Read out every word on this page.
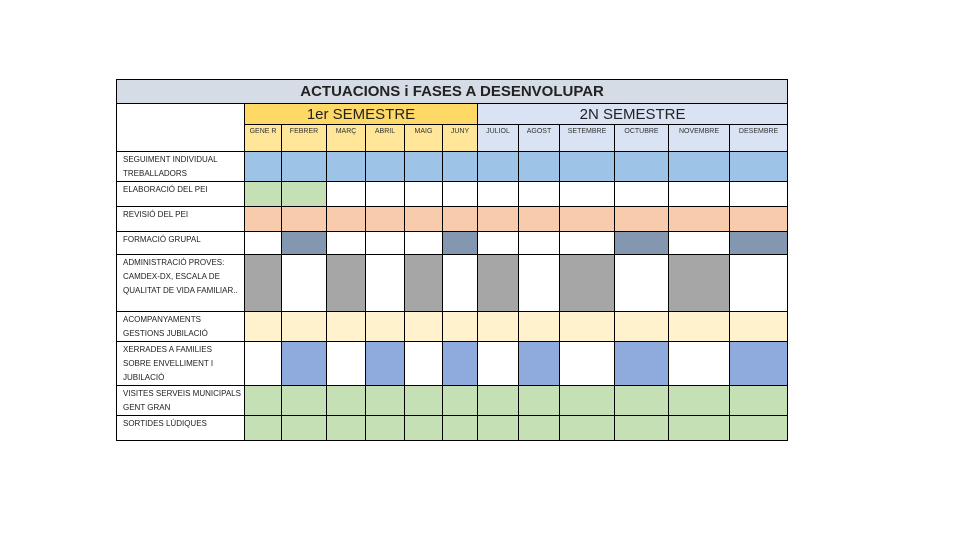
ACTUACIONS i FASES A DESENVOLUPAR												
	1er SEMESTRE						2N SEMESTRE					
	GENE R	FEBRER	MARÇ	ABRIL	MAIG	JUNY	JULIOL	AGOST	SETEMBRE	OCTUBRE	NOVEMBRE	DESEMBRE
SEGUIMENT INDIVIDUAL TREBALLADORS												
ELABORACIÓ DEL PEI												
REVISIÓ DEL PEI												
FORMACIÓ GRUPAL												
ADMINISTRACIÓ PROVES: CAMDEX-DX, ESCALA DE QUALITAT DE VIDA FAMILIAR..												
ACOMPANYAMENTS GESTIONS JUBILACIÓ												
XERRADES A FAMILIES SOBRE ENVELLIMENT I JUBILACIÓ												
VISITES SERVEIS MUNICIPALS GENT GRAN												
SORTIDES LÚDIQUES												
